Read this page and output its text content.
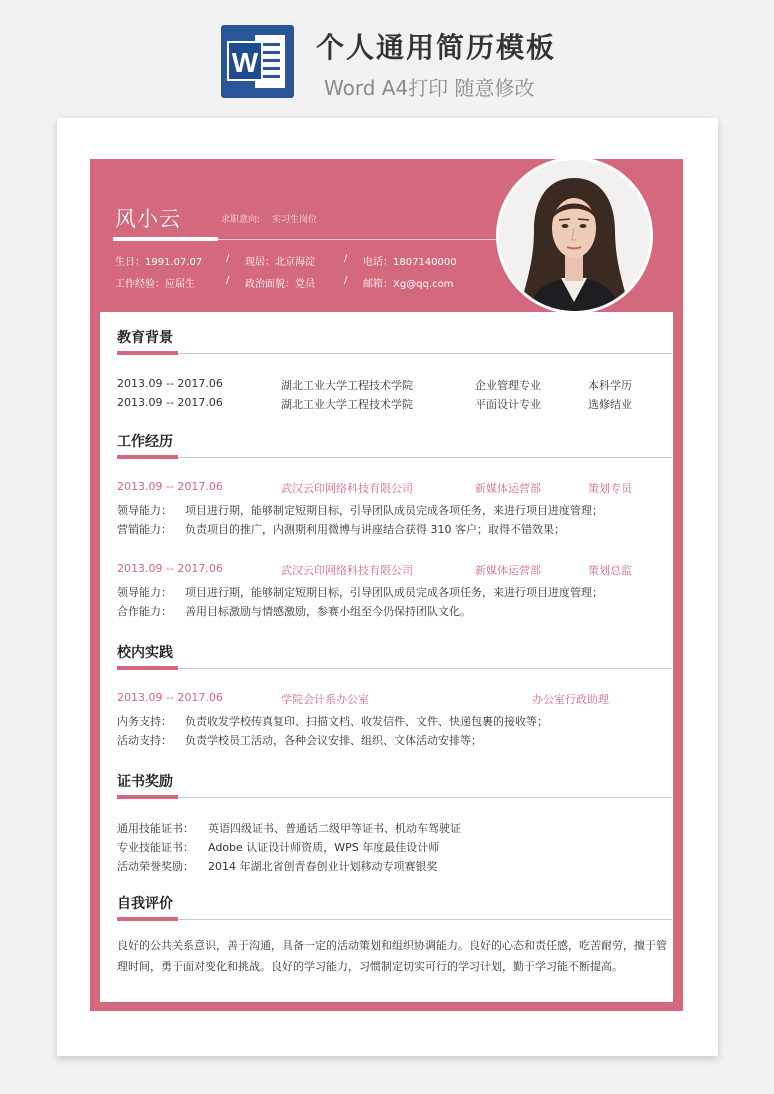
W 个人通用简历模板
Word A4打印 随意修改
风小云	求职意向: 实习生岗位
生日：1991.07.07 / 现居：北京海淀	/ 电话：1807140000
工作经验：应届生	/ 政治面貌：党员	/ 邮箱：Xg@qq.com
教育背景
2013.09 -- 2017.06	湖北工业大学工程技术学院	企业管理专业	本科学历
2013.09 -- 2017.06	湖北工业大学工程技术学院	平面设计专业	选修结业
工作经历
2013.09 -- 2017.06	武汉云印网络科技有限公司	新媒体运营部	策划专员
领导能力： 项目进行期，能够制定短期目标，引导团队成员完成各项任务，来进行项目进度管理；
营销能力： 负责项目的推广，内测期利用微博与讲座结合获得 310 客户；取得不错效果；
2013.09 -- 2017.06	武汉云印网络科技有限公司	新媒体运营部	策划总监
领导能力： 项目进行期，能够制定短期目标，引导团队成员完成各项任务，来进行项目进度管理；
合作能力： 善用目标激励与情感激励，参赛小组至今仍保持团队文化。
校内实践
2013.09 -- 2017.06	学院会计系办公室	办公室行政助理
内务支持： 负责收发学校传真复印、扫描文档、收发信件、文件、快递包裹的接收等；
活动支持： 负责学校员工活动，各种会议安排、组织、文体活动安排等；
证书奖励
通用技能证书： 英语四级证书、普通话二级甲等证书、机动车驾驶证
专业技能证书： Adobe 认证设计师资质，WPS 年度最佳设计师
活动荣誉奖励： 2014 年湖北省创青春创业计划移动专项赛银奖
自我评价
良好的公共关系意识，善于沟通，具备一定的活动策划和组织协调能力。良好的心态和责任感，吃苦耐劳，擅于管理时间，勇于面对变化和挑战。良好的学习能力，习惯制定切实可行的学习计划，勤于学习能不断提高。
